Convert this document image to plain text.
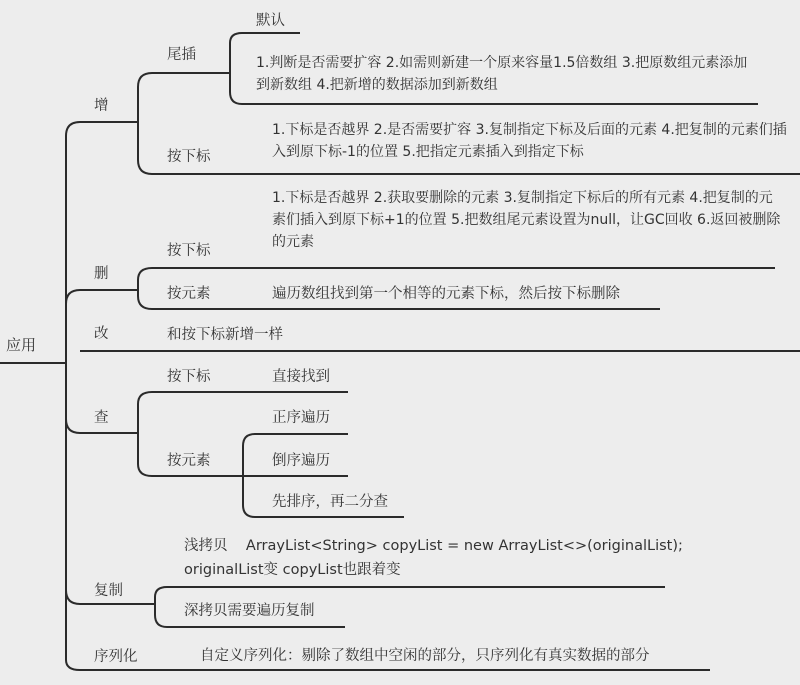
应用
增
尾插
默认
1.判断是否需要扩容 2.如需则新建一个原来容量1.5倍数组 3.把原数组元素添加到新数组 4.把新增的数据添加到新数组
按下标
1.下标是否越界 2.是否需要扩容 3.复制指定下标及后面的元素 4.把复制的元素们插入到原下标-1的位置 5.把指定元素插入到指定下标
删
按下标
1.下标是否越界 2.获取要删除的元素 3.复制指定下标后的所有元素 4.把复制的元素们插入到原下标+1的位置 5.把数组尾元素设置为null，让GC回收 6.返回被删除的元素
按元素	遍历数组找到第一个相等的元素下标，然后按下标删除
改	和按下标新增一样
查
按下标	直接找到
按元素
正序遍历
倒序遍历
先排序，再二分查
复制
浅拷贝    ArrayList<String> copyList = new ArrayList<>(originalList);
originalList变 copyList也跟着变
深拷贝需要遍历复制
序列化	自定义序列化：剔除了数组中空闲的部分，只序列化有真实数据的部分
